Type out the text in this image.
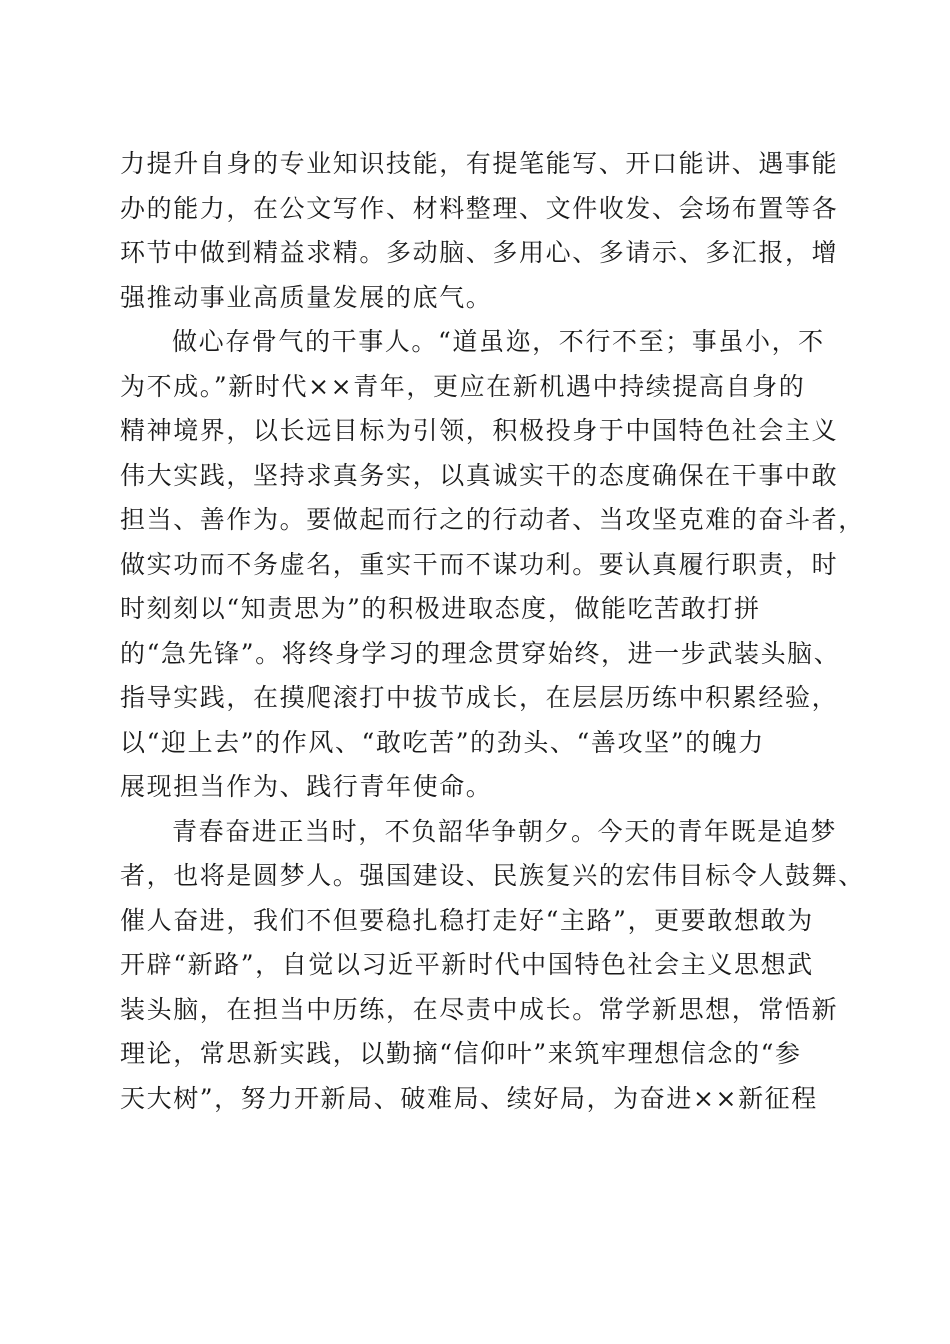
力提升自身的专业知识技能，有提笔能写、开口能讲、遇事能
办的能力，在公文写作、材料整理、文件收发、会场布置等各
环节中做到精益求精。多动脑、多用心、多请示、多汇报，增
强推动事业高质量发展的底气。
做心存骨气的干事人。“道虽迩，不行不至；事虽小，不
为不成。”新时代××青年，更应在新机遇中持续提高自身的
精神境界，以长远目标为引领，积极投身于中国特色社会主义
伟大实践，坚持求真务实，以真诚实干的态度确保在干事中敢
担当、善作为。要做起而行之的行动者、当攻坚克难的奋斗者，
做实功而不务虚名，重实干而不谋功利。要认真履行职责，时
时刻刻以“知责思为”的积极进取态度，做能吃苦敢打拼
的“急先锋”。将终身学习的理念贯穿始终，进一步武装头脑、
指导实践，在摸爬滚打中拔节成长，在层层历练中积累经验，
以“迎上去”的作风、“敢吃苦”的劲头、“善攻坚”的魄力
展现担当作为、践行青年使命。
青春奋进正当时，不负韶华争朝夕。今天的青年既是追梦
者，也将是圆梦人。强国建设、民族复兴的宏伟目标令人鼓舞、
催人奋进，我们不但要稳扎稳打走好“主路”，更要敢想敢为
开辟“新路”，自觉以习近平新时代中国特色社会主义思想武
装头脑，在担当中历练，在尽责中成长。常学新思想，常悟新
理论，常思新实践，以勤摘“信仰叶”来筑牢理想信念的“参
天大树”，努力开新局、破难局、续好局，为奋进××新征程
